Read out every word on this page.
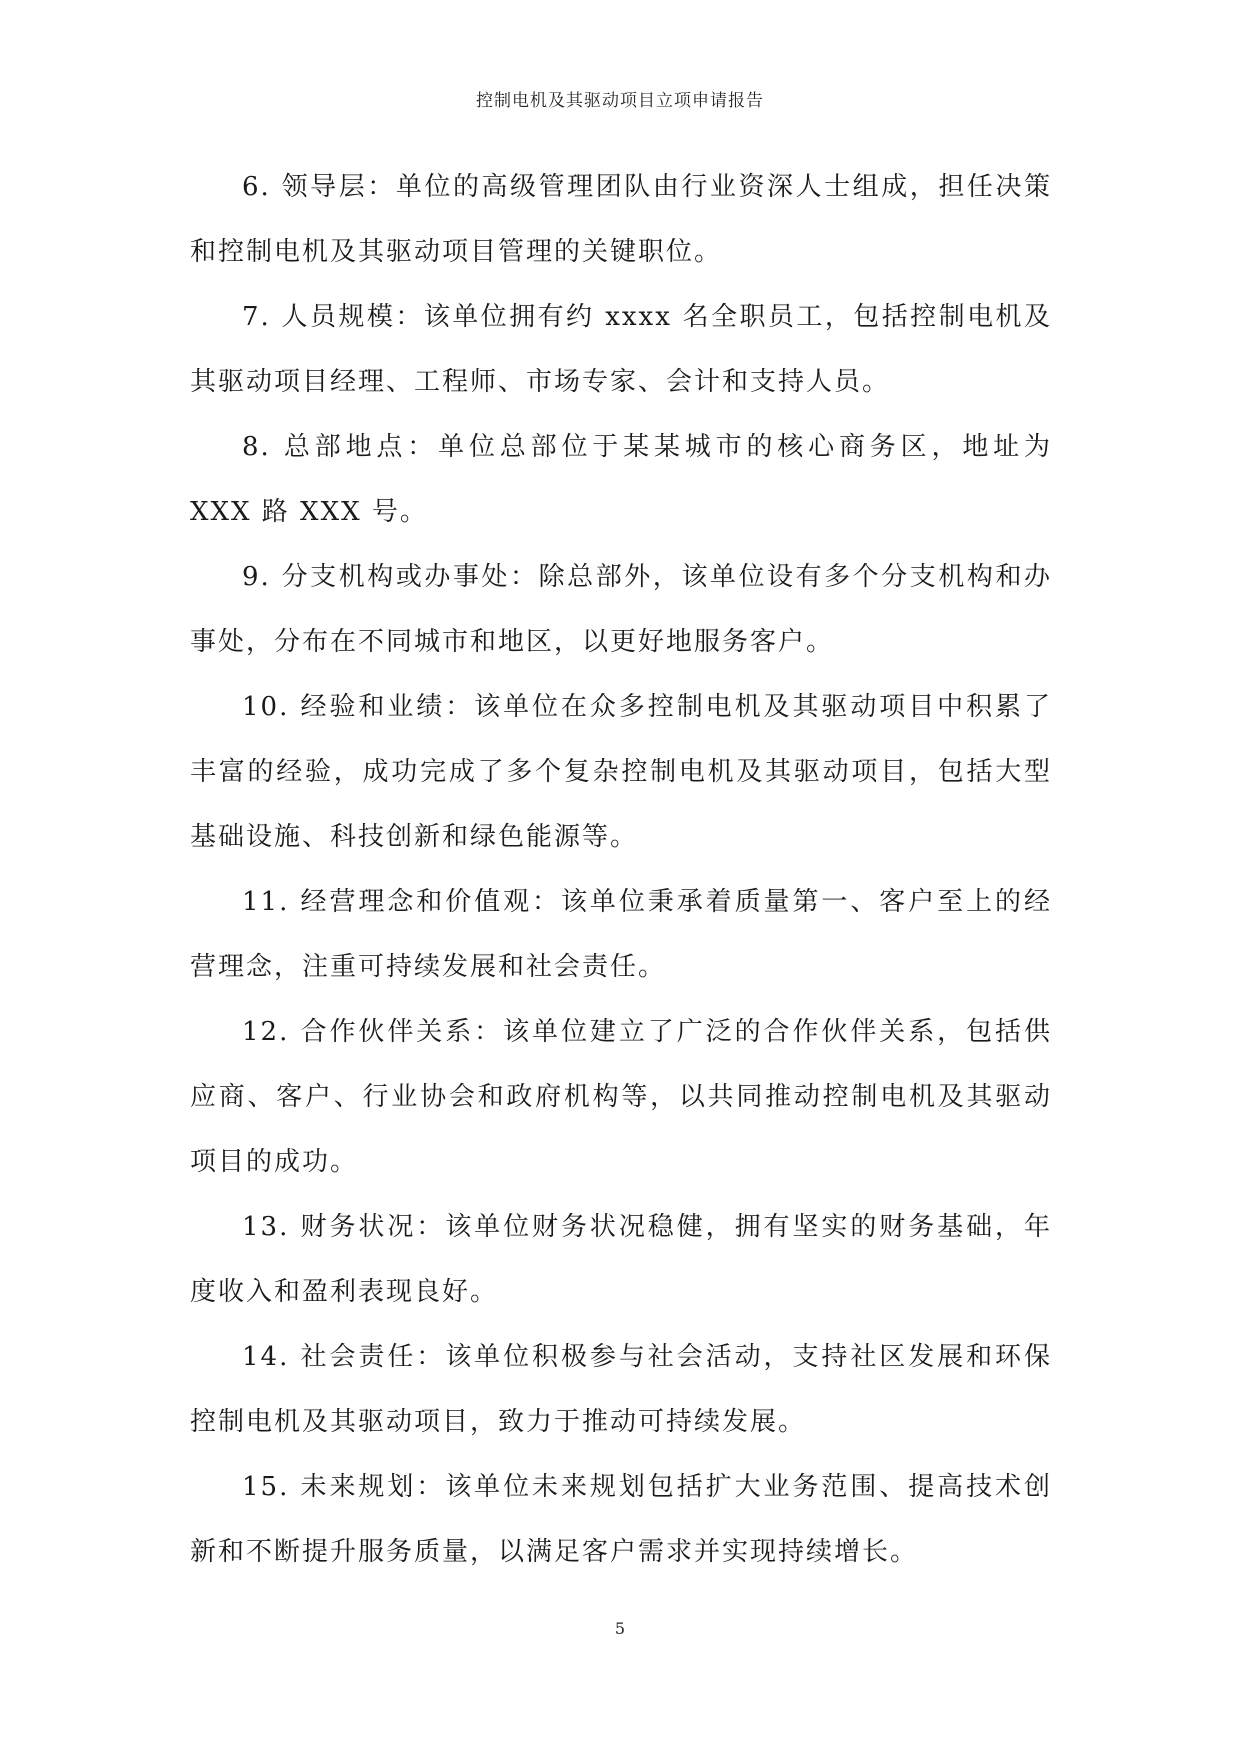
控制电机及其驱动项目立项申请报告

6. 领导层：单位的高级管理团队由行业资深人士组成，担任决策和控制电机及其驱动项目管理的关键职位。

7. 人员规模：该单位拥有约 xxxx 名全职员工，包括控制电机及其驱动项目经理、工程师、市场专家、会计和支持人员。

8. 总部地点：单位总部位于某某城市的核心商务区，地址为 XXX 路 XXX 号。

9. 分支机构或办事处：除总部外，该单位设有多个分支机构和办事处，分布在不同城市和地区，以更好地服务客户。

10. 经验和业绩：该单位在众多控制电机及其驱动项目中积累了丰富的经验，成功完成了多个复杂控制电机及其驱动项目，包括大型基础设施、科技创新和绿色能源等。

11. 经营理念和价值观：该单位秉承着质量第一、客户至上的经营理念，注重可持续发展和社会责任。

12. 合作伙伴关系：该单位建立了广泛的合作伙伴关系，包括供应商、客户、行业协会和政府机构等，以共同推动控制电机及其驱动项目的成功。

13. 财务状况：该单位财务状况稳健，拥有坚实的财务基础，年度收入和盈利表现良好。

14. 社会责任：该单位积极参与社会活动，支持社区发展和环保控制电机及其驱动项目，致力于推动可持续发展。

15. 未来规划：该单位未来规划包括扩大业务范围、提高技术创新和不断提升服务质量，以满足客户需求并实现持续增长。

5
